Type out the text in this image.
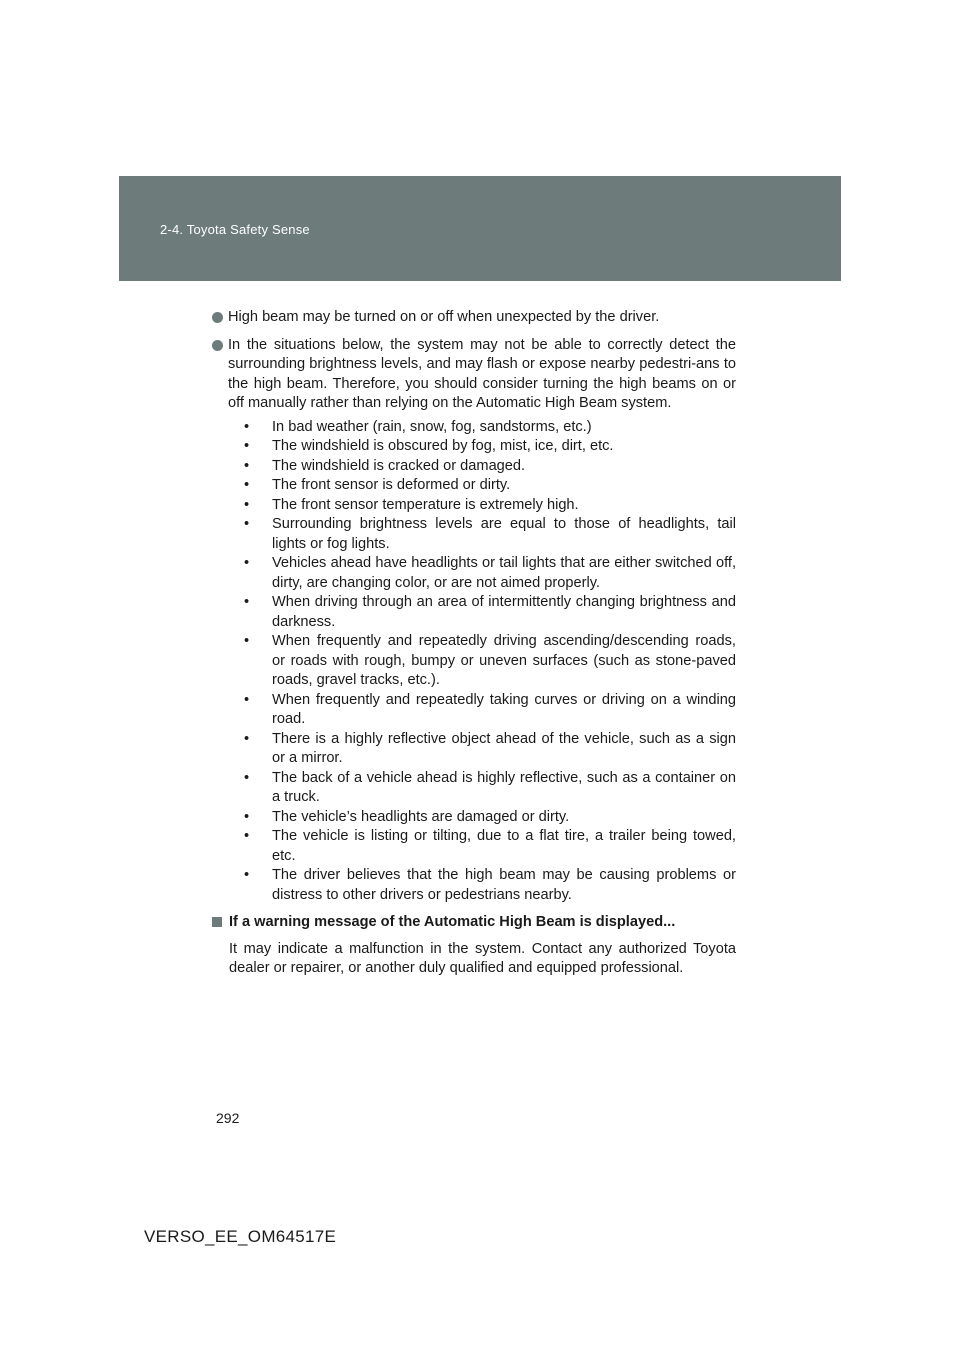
2-4. Toyota Safety Sense
High beam may be turned on or off when unexpected by the driver.
In the situations below, the system may not be able to correctly detect the surrounding brightness levels, and may flash or expose nearby pedestri-ans to the high beam. Therefore, you should consider turning the high beams on or off manually rather than relying on the Automatic High Beam system.
• In bad weather (rain, snow, fog, sandstorms, etc.)
• The windshield is obscured by fog, mist, ice, dirt, etc.
• The windshield is cracked or damaged.
• The front sensor is deformed or dirty.
• The front sensor temperature is extremely high.
• Surrounding brightness levels are equal to those of headlights, tail lights or fog lights.
• Vehicles ahead have headlights or tail lights that are either switched off, dirty, are changing color, or are not aimed properly.
• When driving through an area of intermittently changing brightness and darkness.
• When frequently and repeatedly driving ascending/descending roads, or roads with rough, bumpy or uneven surfaces (such as stone-paved roads, gravel tracks, etc.).
• When frequently and repeatedly taking curves or driving on a winding road.
• There is a highly reflective object ahead of the vehicle, such as a sign or a mirror.
• The back of a vehicle ahead is highly reflective, such as a container on a truck.
• The vehicle’s headlights are damaged or dirty.
• The vehicle is listing or tilting, due to a flat tire, a trailer being towed, etc.
• The driver believes that the high beam may be causing problems or distress to other drivers or pedestrians nearby.
If a warning message of the Automatic High Beam is displayed...
It may indicate a malfunction in the system. Contact any authorized Toyota dealer or repairer, or another duly qualified and equipped professional.
292
VERSO_EE_OM64517E
